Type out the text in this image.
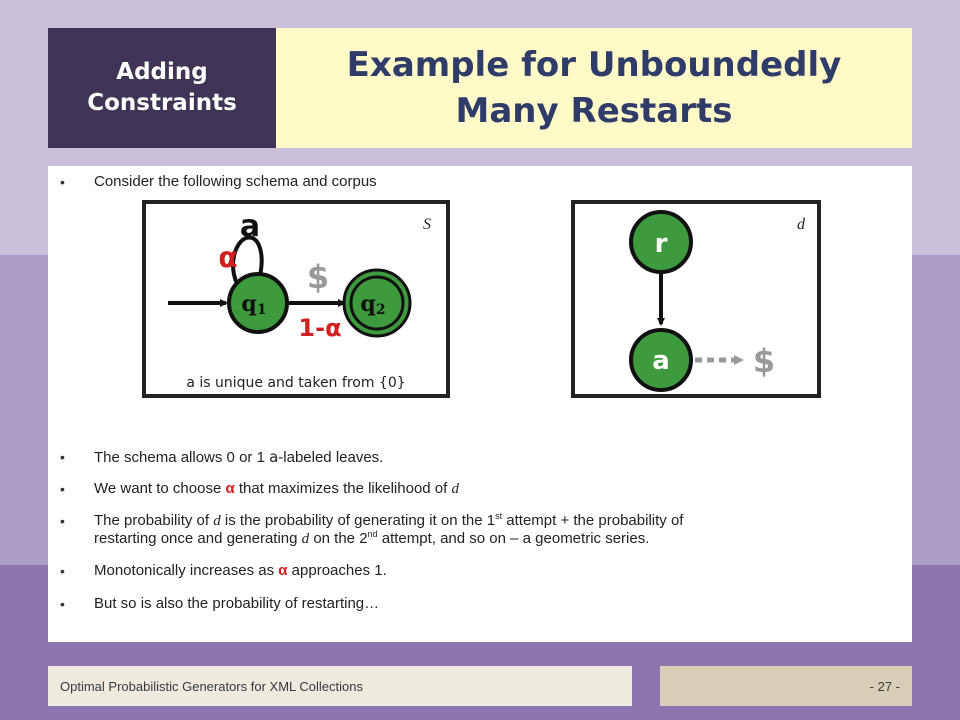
Adding
Constraints
Example for Unboundedly
Many Restarts
• Consider the following schema and corpus
S
a
α
$
1-α
q1	q2
a is unique and taken from {0}
d
r
a	$
• The schema allows 0 or 1 a-labeled leaves.
• We want to choose α that maximizes the likelihood of d
• The probability of d is the probability of generating it on the 1st attempt + the probability of
restarting once and generating d on the 2nd attempt, and so on – a geometric series.
• Monotonically increases as α approaches 1.
• But so is also the probability of restarting…
Optimal Probabilistic Generators for XML Collections	- 27 -
